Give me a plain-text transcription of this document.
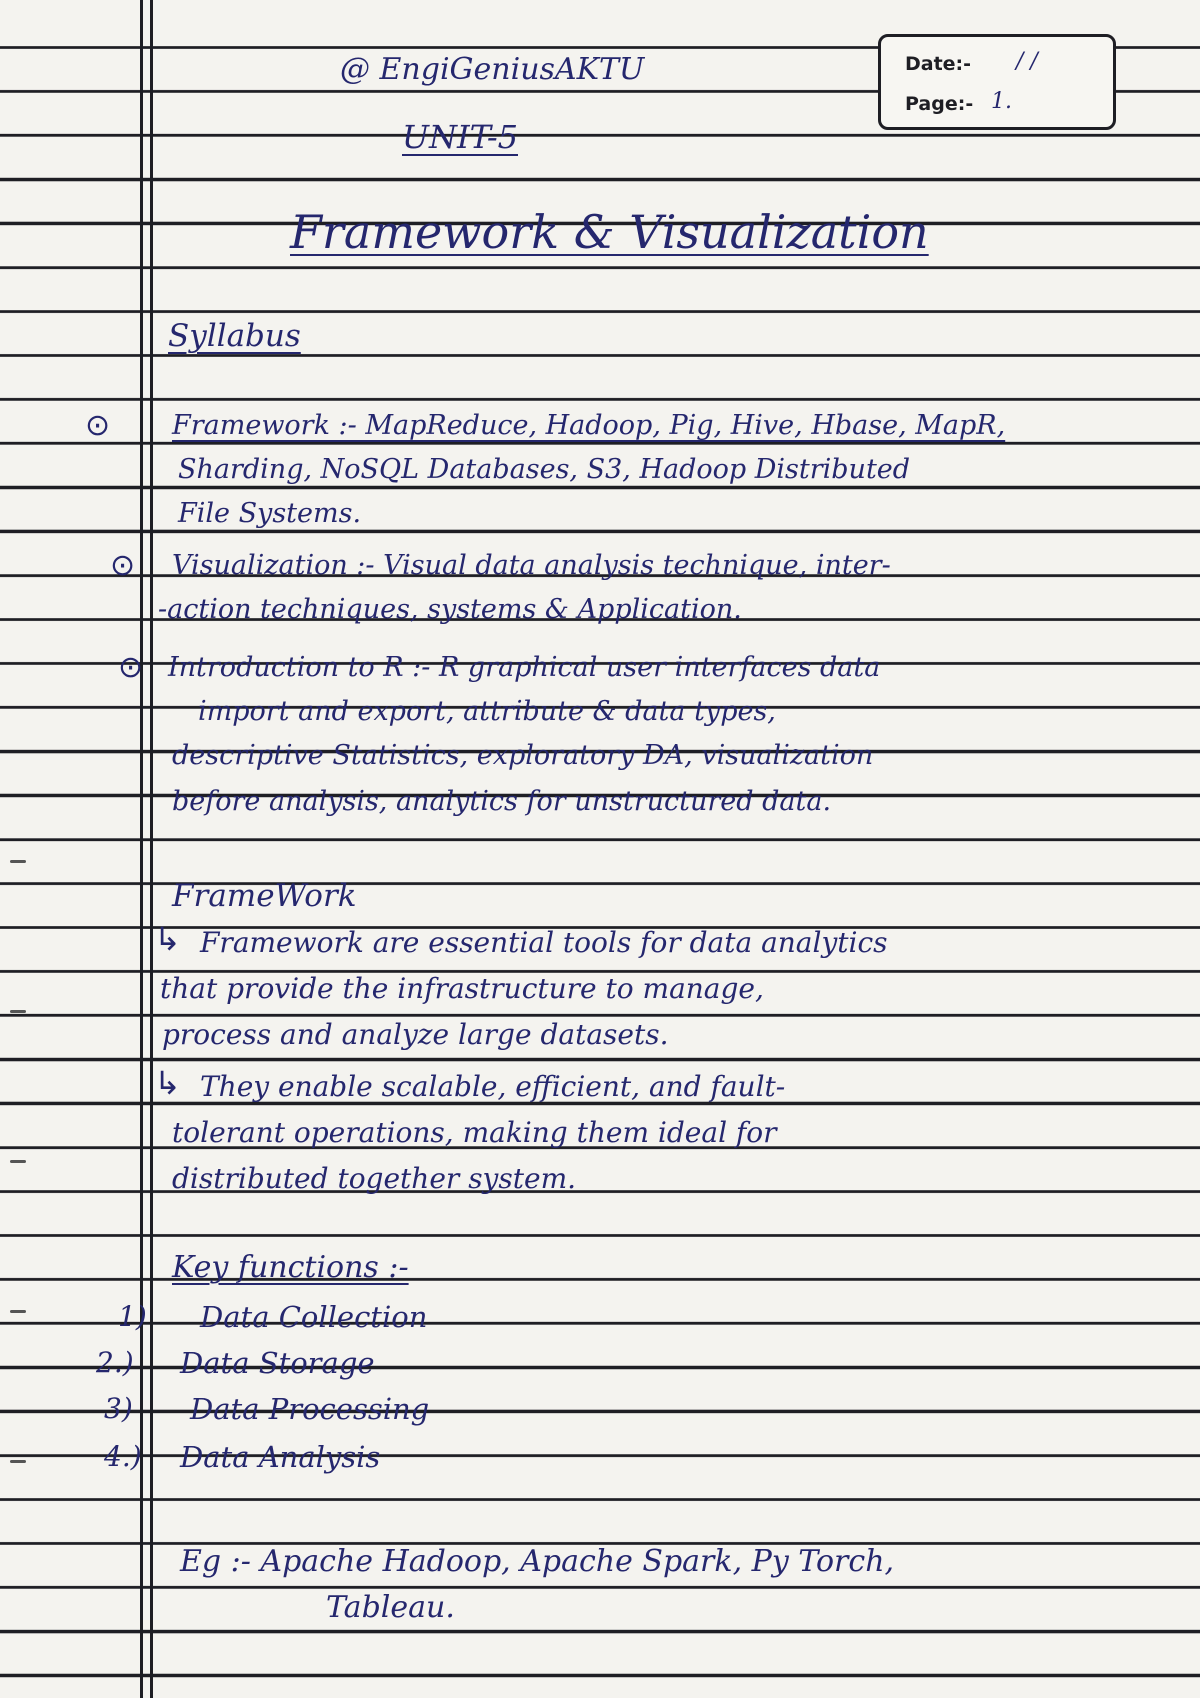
@ EngiGeniusAKTU
UNIT-5
Date:- / /
Page:- 1.
Framework & Visualization
Syllabus
⊙ Framework :- MapReduce, Hadoop, Pig, Hive, Hbase, MapR,
Sharding, NoSQL Databases, S3, Hadoop Distributed
File Systems.
⊙ Visualization :- Visual data analysis technique, inter-
-action techniques, systems & Application.
⊙ Introduction to R :- R graphical user interfaces data
import and export, attribute & data types,
descriptive Statistics, exploratory DA, visualization
before analysis, analytics for unstructured data.
FrameWork
↳ Framework are essential tools for data analytics
that provide the infrastructure to manage,
process and analyze large datasets.
↳ They enable scalable, efficient, and fault-
tolerant operations, making them ideal for
distributed together system.
Key functions :-
1) Data Collection
2.) Data Storage
3) Data Processing
4.) Data Analysis
Eg :- Apache Hadoop, Apache Spark, Py Torch,
Tableau.
